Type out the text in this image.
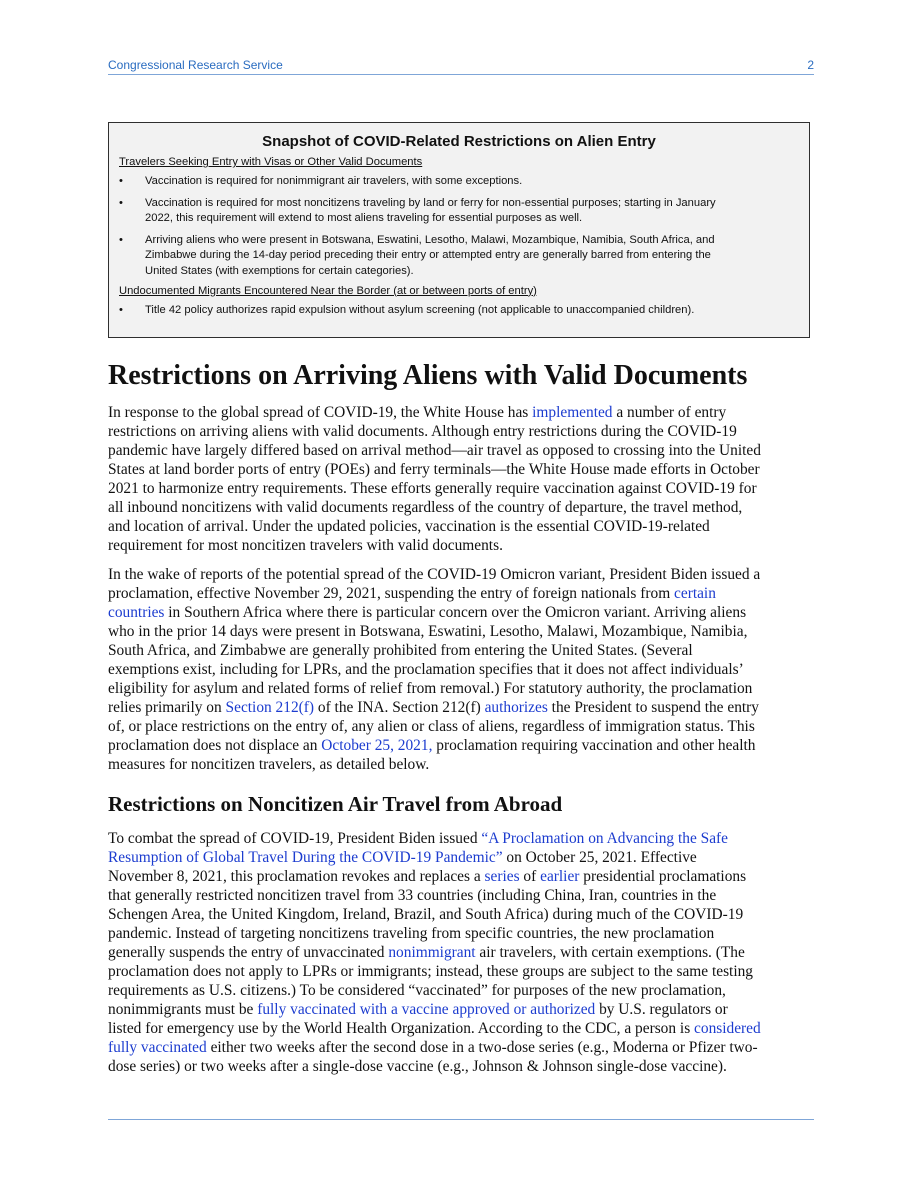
Congressional Research Service	2
Snapshot of COVID-Related Restrictions on Alien Entry
Travelers Seeking Entry with Visas or Other Valid Documents
• Vaccination is required for nonimmigrant air travelers, with some exceptions.
• Vaccination is required for most noncitizens traveling by land or ferry for non-essential purposes; starting in January
2022, this requirement will extend to most aliens traveling for essential purposes as well.
• Arriving aliens who were present in Botswana, Eswatini, Lesotho, Malawi, Mozambique, Namibia, South Africa, and
Zimbabwe during the 14-day period preceding their entry or attempted entry are generally barred from entering the
United States (with exemptions for certain categories).
Undocumented Migrants Encountered Near the Border (at or between ports of entry)
• Title 42 policy authorizes rapid expulsion without asylum screening (not applicable to unaccompanied children).
Restrictions on Arriving Aliens with Valid Documents
In response to the global spread of COVID-19, the White House has implemented a number of entry
restrictions on arriving aliens with valid documents. Although entry restrictions during the COVID-19
pandemic have largely differed based on arrival method—air travel as opposed to crossing into the United
States at land border ports of entry (POEs) and ferry terminals—the White House made efforts in October
2021 to harmonize entry requirements. These efforts generally require vaccination against COVID-19 for
all inbound noncitizens with valid documents regardless of the country of departure, the travel method,
and location of arrival. Under the updated policies, vaccination is the essential COVID-19-related
requirement for most noncitizen travelers with valid documents.
In the wake of reports of the potential spread of the COVID-19 Omicron variant, President Biden issued a
proclamation, effective November 29, 2021, suspending the entry of foreign nationals from certain
countries in Southern Africa where there is particular concern over the Omicron variant. Arriving aliens
who in the prior 14 days were present in Botswana, Eswatini, Lesotho, Malawi, Mozambique, Namibia,
South Africa, and Zimbabwe are generally prohibited from entering the United States. (Several
exemptions exist, including for LPRs, and the proclamation specifies that it does not affect individuals’
eligibility for asylum and related forms of relief from removal.) For statutory authority, the proclamation
relies primarily on Section 212(f) of the INA. Section 212(f) authorizes the President to suspend the entry
of, or place restrictions on the entry of, any alien or class of aliens, regardless of immigration status. This
proclamation does not displace an October 25, 2021, proclamation requiring vaccination and other health
measures for noncitizen travelers, as detailed below.
Restrictions on Noncitizen Air Travel from Abroad
To combat the spread of COVID-19, President Biden issued “A Proclamation on Advancing the Safe
Resumption of Global Travel During the COVID-19 Pandemic” on October 25, 2021. Effective
November 8, 2021, this proclamation revokes and replaces a series of earlier presidential proclamations
that generally restricted noncitizen travel from 33 countries (including China, Iran, countries in the
Schengen Area, the United Kingdom, Ireland, Brazil, and South Africa) during much of the COVID-19
pandemic. Instead of targeting noncitizens traveling from specific countries, the new proclamation
generally suspends the entry of unvaccinated nonimmigrant air travelers, with certain exemptions. (The
proclamation does not apply to LPRs or immigrants; instead, these groups are subject to the same testing
requirements as U.S. citizens.) To be considered “vaccinated” for purposes of the new proclamation,
nonimmigrants must be fully vaccinated with a vaccine approved or authorized by U.S. regulators or
listed for emergency use by the World Health Organization. According to the CDC, a person is considered
fully vaccinated either two weeks after the second dose in a two-dose series (e.g., Moderna or Pfizer two-
dose series) or two weeks after a single-dose vaccine (e.g., Johnson & Johnson single-dose vaccine).
